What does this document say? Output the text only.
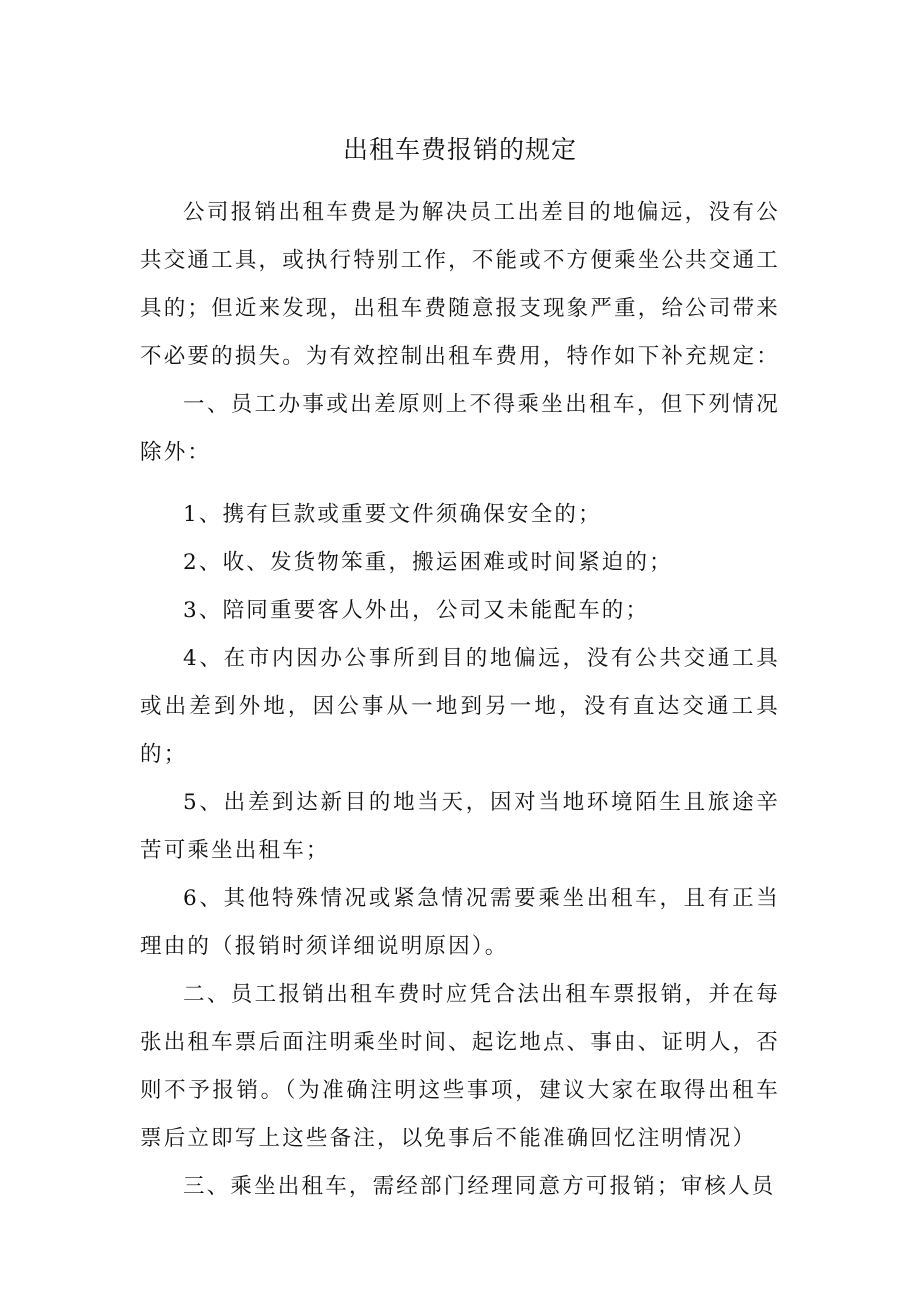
出租车费报销的规定

公司报销出租车费是为解决员工出差目的地偏远，没有公共交通工具，或执行特别工作，不能或不方便乘坐公共交通工具的；但近来发现，出租车费随意报支现象严重，给公司带来不必要的损失。为有效控制出租车费用，特作如下补充规定：

一、员工办事或出差原则上不得乘坐出租车，但下列情况除外：

1、携有巨款或重要文件须确保安全的；

2、收、发货物笨重，搬运困难或时间紧迫的；

3、陪同重要客人外出，公司又未能配车的；

4、在市内因办公事所到目的地偏远，没有公共交通工具或出差到外地，因公事从一地到另一地，没有直达交通工具的；

5、出差到达新目的地当天，因对当地环境陌生且旅途辛苦可乘坐出租车；

6、其他特殊情况或紧急情况需要乘坐出租车，且有正当理由的（报销时须详细说明原因）。

二、员工报销出租车费时应凭合法出租车票报销，并在每张出租车票后面注明乘坐时间、起讫地点、事由、证明人，否则不予报销。（为准确注明这些事项，建议大家在取得出租车票后立即写上这些备注，以免事后不能准确回忆注明情况）

三、乘坐出租车，需经部门经理同意方可报销；审核人员
